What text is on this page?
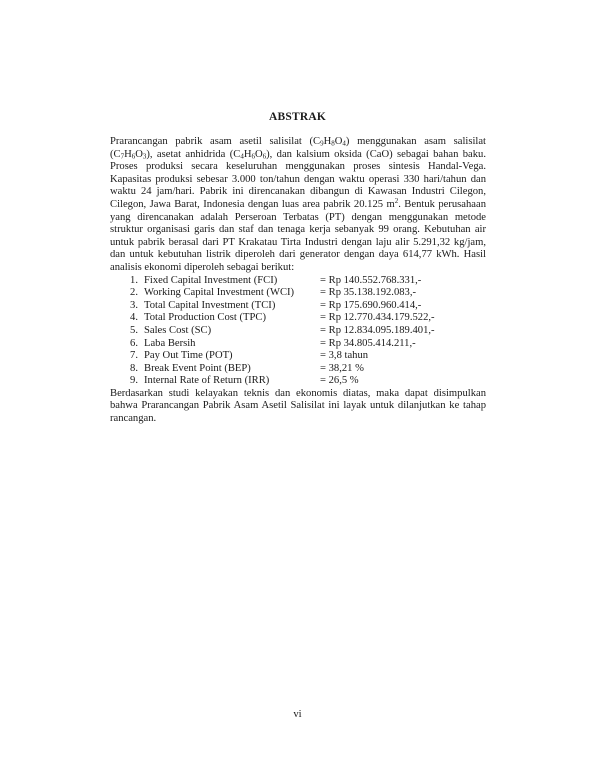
ABSTRAK

Prarancangan pabrik asam asetil salisilat $(C_9H_8O_4)$ menggunakan asam salisilat $(C_7H_6O_3)$, asetat anhidrida $(C_4H_6O_6)$, dan kalsium oksida (CaO) sebagai bahan baku. Proses produksi secara keseluruhan menggunakan proses sintesis Handal-Vega. Kapasitas produksi sebesar 3.000 ton/tahun dengan waktu operasi 330 hari/tahun dan waktu 24 jam/hari. Pabrik ini direncanakan dibangun di Kawasan Industri Cilegon, Cilegon, Jawa Barat, Indonesia dengan luas area pabrik 20.125 $m^2$. Bentuk perusahaan yang direncanakan adalah Perseroan Terbatas (PT) dengan menggunakan metode struktur organisasi garis dan staf dan tenaga kerja sebanyak 99 orang. Kebutuhan air untuk pabrik berasal dari PT Krakatau Tirta Industri dengan laju alir 5.291,32 kg/jam, dan untuk kebutuhan listrik diperoleh dari generator dengan daya 614,77 kWh. Hasil analisis ekonomi diperoleh sebagai berikut:

1. Fixed Capital Investment (FCI)	= Rp 140.552.768.331,-
2. Working Capital Investment (WCI)	= Rp 35.138.192.083,-
3. Total Capital Investment (TCI)	= Rp 175.690.960.414,-
4. Total Production Cost (TPC)	= Rp 12.770.434.179.522,-
5. Sales Cost (SC)	= Rp 12.834.095.189.401,-
6. Laba Bersih	= Rp 34.805.414.211,-
7. Pay Out Time (POT)	= 3,8 tahun
8. Break Event Point (BEP)	= 38,21 %
9. Internal Rate of Return (IRR)	= 26,5 %

Berdasarkan studi kelayakan teknis dan ekonomis diatas, maka dapat disimpulkan bahwa Prarancangan Pabrik Asam Asetil Salisilat ini layak untuk dilanjutkan ke tahap rancangan.

vi
